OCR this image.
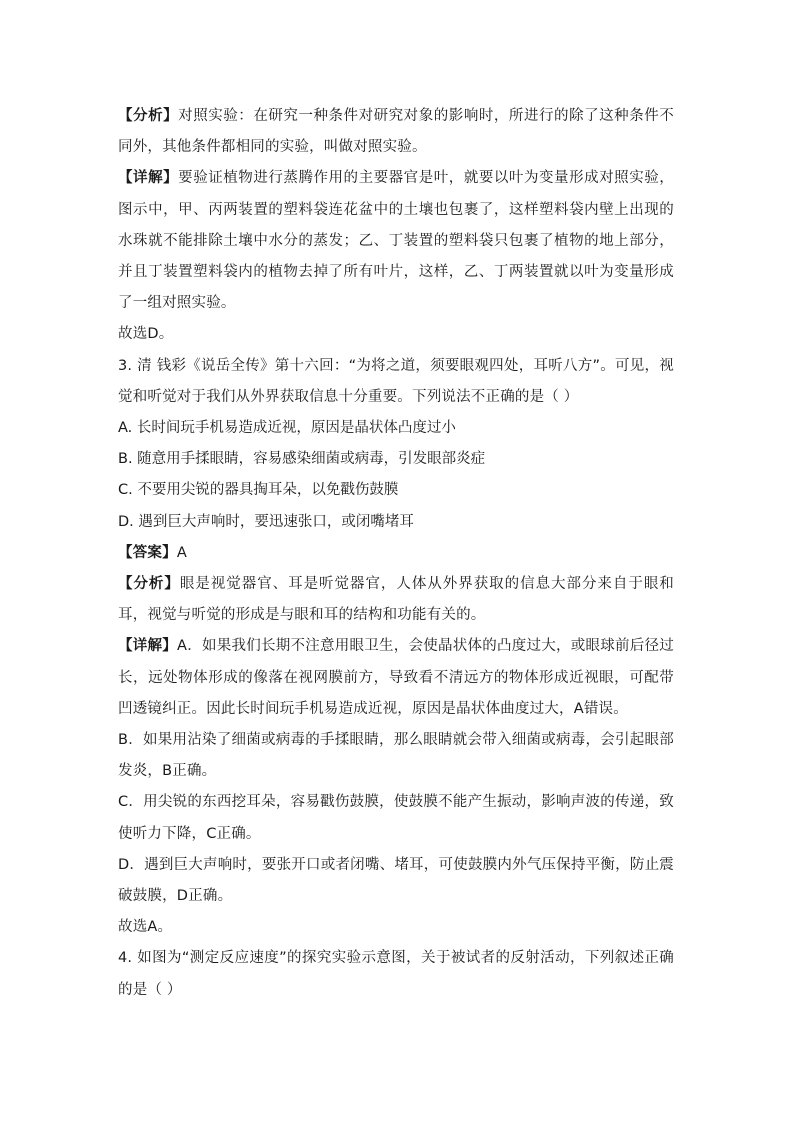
【分析】对照实验：在研究一种条件对研究对象的影响时，所进行的除了这种条件不同外，其他条件都相同的实验，叫做对照实验。

【详解】要验证植物进行蒸腾作用的主要器官是叶，就要以叶为变量形成对照实验，图示中，甲、丙两装置的塑料袋连花盆中的土壤也包裹了，这样塑料袋内壁上出现的水珠就不能排除土壤中水分的蒸发；乙、丁装置的塑料袋只包裹了植物的地上部分，并且丁装置塑料袋内的植物去掉了所有叶片，这样，乙、丁两装置就以叶为变量形成了一组对照实验。

故选D。

3. 清 钱彩《说岳全传》第十六回：“为将之道，须要眼观四处，耳听八方”。可见，视觉和听觉对于我们从外界获取信息十分重要。下列说法不正确的是（ ）

A. 长时间玩手机易造成近视，原因是晶状体凸度过小

B. 随意用手揉眼睛，容易感染细菌或病毒，引发眼部炎症

C. 不要用尖锐的器具掏耳朵，以免戳伤鼓膜

D. 遇到巨大声响时，要迅速张口，或闭嘴堵耳

【答案】A

【分析】眼是视觉器官、耳是听觉器官，人体从外界获取的信息大部分来自于眼和耳，视觉与听觉的形成是与眼和耳的结构和功能有关的。

【详解】A．如果我们长期不注意用眼卫生，会使晶状体的凸度过大，或眼球前后径过长，远处物体形成的像落在视网膜前方，导致看不清远方的物体形成近视眼，可配带凹透镜纠正。因此长时间玩手机易造成近视，原因是晶状体曲度过大，A错误。

B．如果用沾染了细菌或病毒的手揉眼睛，那么眼睛就会带入细菌或病毒，会引起眼部发炎，B正确。

C．用尖锐的东西挖耳朵，容易戳伤鼓膜，使鼓膜不能产生振动，影响声波的传递，致使听力下降，C正确。

D．遇到巨大声响时，要张开口或者闭嘴、堵耳，可使鼓膜内外气压保持平衡，防止震破鼓膜，D正确。

故选A。

4. 如图为“测定反应速度”的探究实验示意图，关于被试者的反射活动，下列叙述正确的是（ ）
